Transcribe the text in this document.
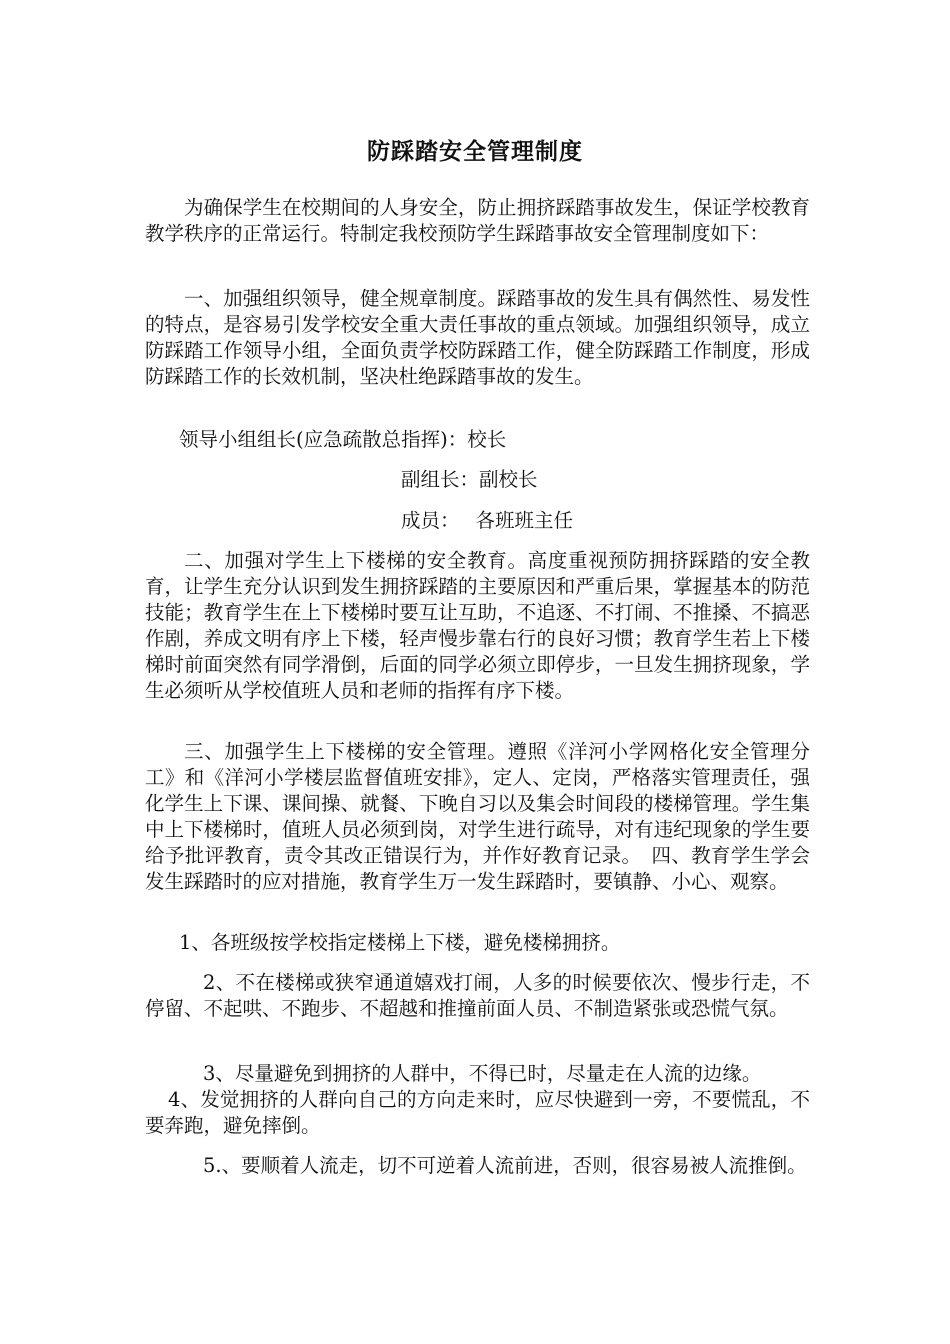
防踩踏安全管理制度
为确保学生在校期间的人身安全，防止拥挤踩踏事故发生，保证学校教育教学秩序的正常运行。特制定我校预防学生踩踏事故安全管理制度如下：
一、加强组织领导，健全规章制度。踩踏事故的发生具有偶然性、易发性的特点，是容易引发学校安全重大责任事故的重点领域。加强组织领导，成立防踩踏工作领导小组，全面负责学校防踩踏工作，健全防踩踏工作制度，形成防踩踏工作的长效机制，坚决杜绝踩踏事故的发生。
领导小组组长(应急疏散总指挥)：校长
副组长：副校长
成员：　 各班班主任
二、加强对学生上下楼梯的安全教育。高度重视预防拥挤踩踏的安全教育，让学生充分认识到发生拥挤踩踏的主要原因和严重后果，掌握基本的防范技能；教育学生在上下楼梯时要互让互助，不追逐、不打闹、不推搡、不搞恶作剧，养成文明有序上下楼，轻声慢步靠右行的良好习惯；教育学生若上下楼梯时前面突然有同学滑倒，后面的同学必须立即停步，一旦发生拥挤现象，学生必须听从学校值班人员和老师的指挥有序下楼。
三、加强学生上下楼梯的安全管理。遵照《洋河小学网格化安全管理分工》和《洋河小学楼层监督值班安排》，定人、定岗，严格落实管理责任，强化学生上下课、课间操、就餐、下晚自习以及集会时间段的楼梯管理。学生集中上下楼梯时，值班人员必须到岗，对学生进行疏导，对有违纪现象的学生要给予批评教育，责令其改正错误行为，并作好教育记录。　四、教育学生学会发生踩踏时的应对措施，教育学生万一发生踩踏时，要镇静、小心、观察。
1、各班级按学校指定楼梯上下楼，避免楼梯拥挤。
2、不在楼梯或狭窄通道嬉戏打闹，人多的时候要依次、慢步行走，不停留、不起哄、不跑步、不超越和推撞前面人员、不制造紧张或恐慌气氛。
3、尽量避免到拥挤的人群中，不得已时，尽量走在人流的边缘。
4、发觉拥挤的人群向自己的方向走来时，应尽快避到一旁，不要慌乱，不要奔跑，避免摔倒。
5.、要顺着人流走，切不可逆着人流前进，否则，很容易被人流推倒。
